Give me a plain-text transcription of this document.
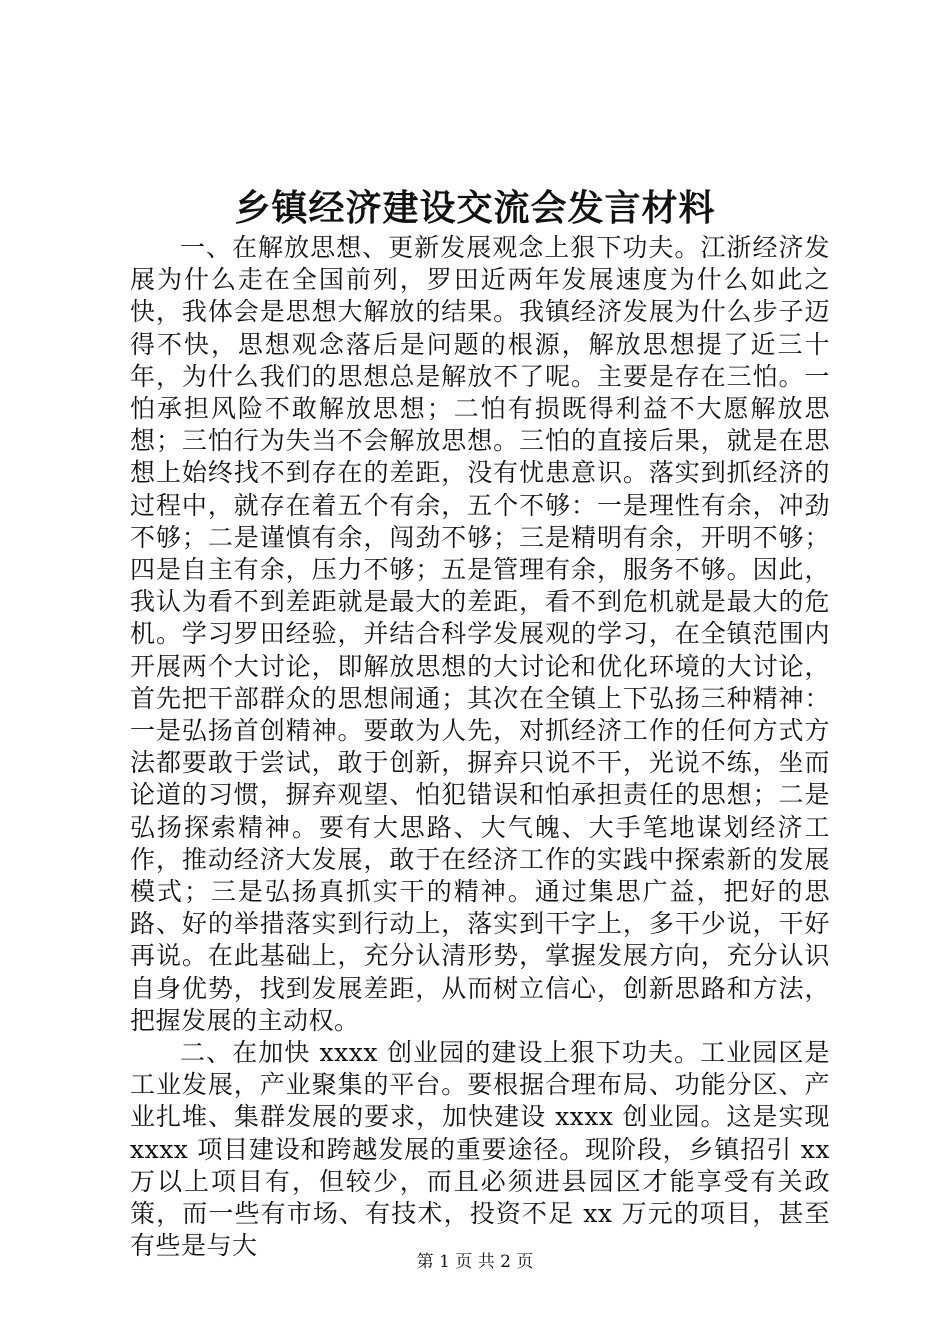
乡镇经济建设交流会发言材料

一、在解放思想、更新发展观念上狠下功夫。江浙经济发展为什么走在全国前列，罗田近两年发展速度为什么如此之快，我体会是思想大解放的结果。我镇经济发展为什么步子迈得不快，思想观念落后是问题的根源，解放思想提了近三十年，为什么我们的思想总是解放不了呢。主要是存在三怕。一怕承担风险不敢解放思想；二怕有损既得利益不大愿解放思想；三怕行为失当不会解放思想。三怕的直接后果，就是在思想上始终找不到存在的差距，没有忧患意识。落实到抓经济的过程中，就存在着五个有余，五个不够：一是理性有余，冲劲不够；二是谨慎有余，闯劲不够；三是精明有余，开明不够；四是自主有余，压力不够；五是管理有余，服务不够。因此，我认为看不到差距就是最大的差距，看不到危机就是最大的危机。学习罗田经验，并结合科学发展观的学习，在全镇范围内开展两个大讨论，即解放思想的大讨论和优化环境的大讨论，首先把干部群众的思想闹通；其次在全镇上下弘扬三种精神：一是弘扬首创精神。要敢为人先，对抓经济工作的任何方式方法都要敢于尝试，敢于创新，摒弃只说不干，光说不练，坐而论道的习惯，摒弃观望、怕犯错误和怕承担责任的思想；二是弘扬探索精神。要有大思路、大气魄、大手笔地谋划经济工作，推动经济大发展，敢于在经济工作的实践中探索新的发展模式；三是弘扬真抓实干的精神。通过集思广益，把好的思路、好的举措落实到行动上，落实到干字上，多干少说，干好再说。在此基础上，充分认清形势，掌握发展方向，充分认识自身优势，找到发展差距，从而树立信心，创新思路和方法，把握发展的主动权。

二、在加快 xxxx 创业园的建设上狠下功夫。工业园区是工业发展，产业聚集的平台。要根据合理布局、功能分区、产业扎堆、集群发展的要求，加快建设 xxxx 创业园。这是实现 xxxx 项目建设和跨越发展的重要途径。现阶段，乡镇招引 xx 万以上项目有，但较少，而且必须进县园区才能享受有关政策，而一些有市场、有技术，投资不足 xx 万元的项目，甚至有些是与大

第 1 页 共 2 页
